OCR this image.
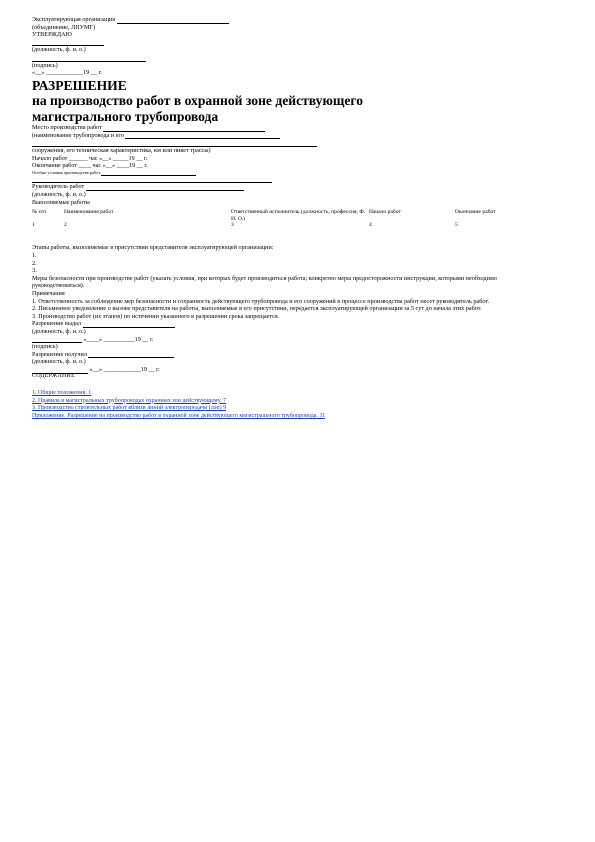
Эксплуатирующая организация
(объединение, ЛПУМГ)
УТВЕРЖДАЮ
(должность, ф. и. о.)
(подпись)
«__» ____________19 __ г.
РАЗРЕШЕНИЕ
на производство работ в охранной зоне действующего
магистрального трубопровода
Место производства работ
(наименование трубопровода и его
сооружения, его техническая характеристика, км или пикет трассы)
Начало работ ______ час «__» _____19 __ г.
Окончание работ ____ час «__» ____19 __ г.
Особые условия производства работ
Руководитель работ
(должность, ф. и. о.)
Выполняемые работы
№ п/п	Наименование работ	Ответственный исполнитель (должность, профессия, Ф. И. О.)	Начало работ	Окончание работ
1	2	3	4	5
Этапы работы, выполняемые в присутствии представителя эксплуатирующей организации:
1.
2.
3.
Меры безопасности при производстве работ (указать условия, при которых будет производиться работа; конкретно меры предосторожности инструкции, которыми необходимо руководствоваться).
Примечания
1. Ответственность за соблюдение мер безопасности и сохранность действующего трубопровода и его сооружений в процессе производства работ несет руководитель работ.
2. Письменное уведомление о вызове представителя на работы, выполняемые в его присутствии, передается эксплуатирующей организации за 5 сут до начала этих работ.
3. Производство работ (их этапов) по истечении указанного в разрешении срока запрещается.
Разрешение выдал
(должность, ф. и. о.)
«____» __________19 __ г.
(подпись)
Разрешение получил
(должность, ф. и. о.)
«__» ____________19 __ г.
СОДЕРЖАНИЕ
1. Общие положения. 1
2. Правила в магистральных трубопроводах охранных зон действующему. 7
3. Производство строительных работ вблизи линий электропередачи (лэп) 9
Приложение. Разрешение на производство работ в охранной зоне действующего магистрального трубопровода. 11
